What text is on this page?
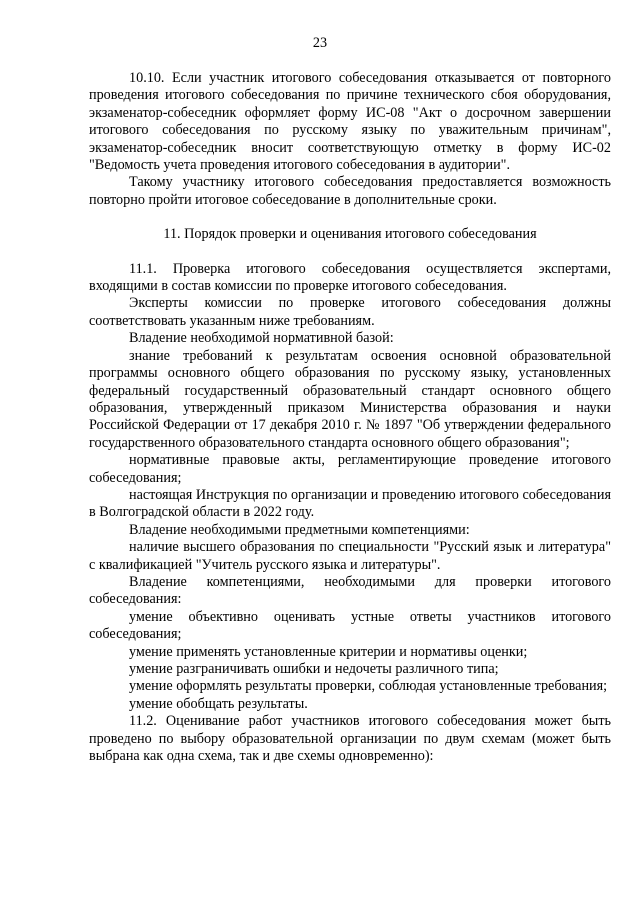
23

10.10. Если участник итогового собеседования отказывается от повторного проведения итогового собеседования по причине технического сбоя оборудования, экзаменатор-собеседник оформляет форму ИС-08 "Акт о досрочном завершении итогового собеседования по русскому языку по уважительным причинам", экзаменатор-собеседник вносит соответствующую отметку в форму ИС-02 "Ведомость учета проведения итогового собеседования в аудитории".

Такому участнику итогового собеседования предоставляется возможность повторно пройти итоговое собеседование в дополнительные сроки.

11. Порядок проверки и оценивания итогового собеседования

11.1. Проверка итогового собеседования осуществляется экспертами, входящими в состав комиссии по проверке итогового собеседования.

Эксперты комиссии по проверке итогового собеседования должны соответствовать указанным ниже требованиям.

Владение необходимой нормативной базой:

знание требований к результатам освоения основной образовательной программы основного общего образования по русскому языку, установленных федеральный государственный образовательный стандарт основного общего образования, утвержденный приказом Министерства образования и науки Российской Федерации от 17 декабря 2010 г. № 1897 "Об утверждении федерального государственного образовательного стандарта основного общего образования";

нормативные правовые акты, регламентирующие проведение итогового собеседования;

настоящая Инструкция по организации и проведению итогового собеседования в Волгоградской области в 2022 году.

Владение необходимыми предметными компетенциями:

наличие высшего образования по специальности "Русский язык и литература" с квалификацией "Учитель русского языка и литературы".

Владение компетенциями, необходимыми для проверки итогового собеседования:

умение объективно оценивать устные ответы участников итогового собеседования;

умение применять установленные критерии и нормативы оценки;

умение разграничивать ошибки и недочеты различного типа;

умение оформлять результаты проверки, соблюдая установленные требования;

умение обобщать результаты.

11.2. Оценивание работ участников итогового собеседования может быть проведено по выбору образовательной организации по двум схемам (может быть выбрана как одна схема, так и две схемы одновременно):
